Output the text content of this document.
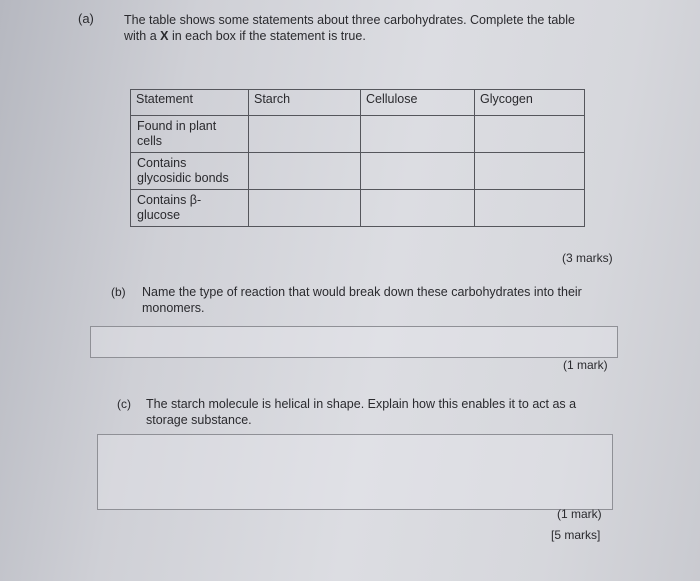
(a) The table shows some statements about three carbohydrates. Complete the table
with a X in each box if the statement is true.
Statement	Starch	Cellulose	Glycogen

Found in plant
cells			

Contains
glycosidic bonds			

Contains β-
glucose			

(3 marks)
(b) Name the type of reaction that would break down these carbohydrates into their
monomers.
(1 mark)
(c) The starch molecule is helical in shape. Explain how this enables it to act as a
storage substance.
(1 mark)
[5 marks]
